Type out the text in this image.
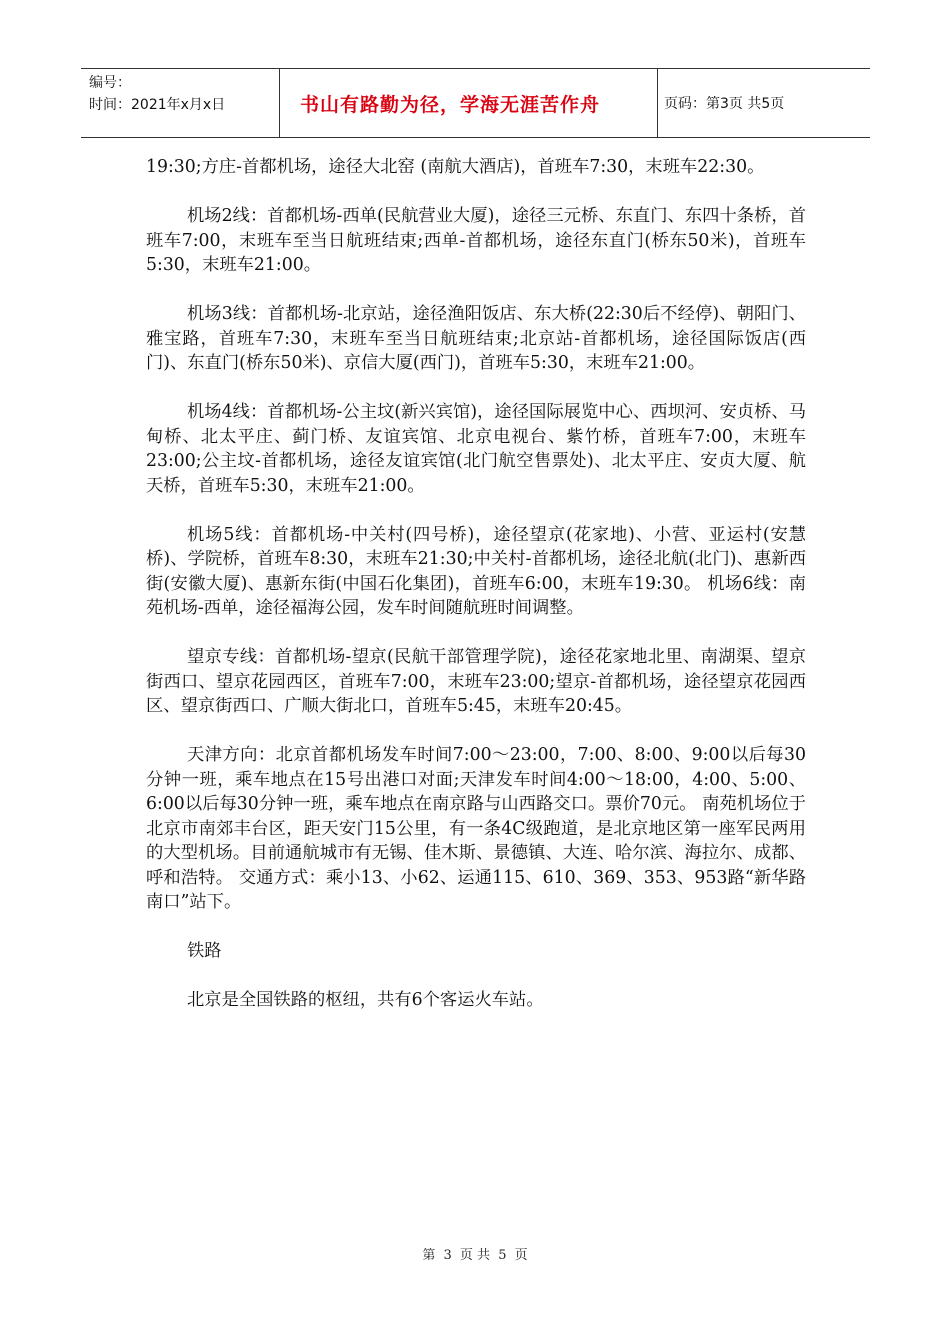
编号：
时间：2021年x月x日	书山有路勤为径，学海无涯苦作舟	页码：第3页 共5页

19:30;方庄-首都机场，途径大北窑 (南航大酒店)，首班车7:30，末班车22:30。

机场2线：首都机场-西单(民航营业大厦)，途径三元桥、东直门、东四十条桥，首班车7:00，末班车至当日航班结束;西单-首都机场，途径东直门(桥东50米)，首班车5:30，末班车21:00。

机场3线：首都机场-北京站，途径渔阳饭店、东大桥(22:30后不经停)、朝阳门、雅宝路，首班车7:30，末班车至当日航班结束;北京站-首都机场，途径国际饭店(西门)、东直门(桥东50米)、京信大厦(西门)，首班车5:30，末班车21:00。

机场4线：首都机场-公主坟(新兴宾馆)，途径国际展览中心、西坝河、安贞桥、马甸桥、北太平庄、蓟门桥、友谊宾馆、北京电视台、紫竹桥，首班车7:00，末班车23:00;公主坟-首都机场，途径友谊宾馆(北门航空售票处)、北太平庄、安贞大厦、航天桥，首班车5:30，末班车21:00。

机场5线：首都机场-中关村(四号桥)，途径望京(花家地)、小营、亚运村(安慧桥)、学院桥，首班车8:30，末班车21:30;中关村-首都机场，途径北航(北门)、惠新西街(安徽大厦)、惠新东街(中国石化集团)，首班车6:00，末班车19:30。 机场6线：南苑机场-西单，途径福海公园，发车时间随航班时间调整。

望京专线：首都机场-望京(民航干部管理学院)，途径花家地北里、南湖渠、望京街西口、望京花园西区，首班车7:00，末班车23:00;望京-首都机场，途径望京花园西区、望京街西口、广顺大街北口，首班车5:45，末班车20:45。

天津方向：北京首都机场发车时间7:00～23:00，7:00、8:00、9:00以后每30分钟一班，乘车地点在15号出港口对面;天津发车时间4:00～18:00，4:00、5:00、6:00以后每30分钟一班，乘车地点在南京路与山西路交口。票价70元。 南苑机场位于北京市南郊丰台区，距天安门15公里，有一条4C级跑道，是北京地区第一座军民两用的大型机场。目前通航城市有无锡、佳木斯、景德镇、大连、哈尔滨、海拉尔、成都、呼和浩特。 交通方式：乘小13、小62、运通115、610、369、353、953路“新华路南口”站下。

铁路

北京是全国铁路的枢纽，共有6个客运火车站。

第 3 页 共 5 页
